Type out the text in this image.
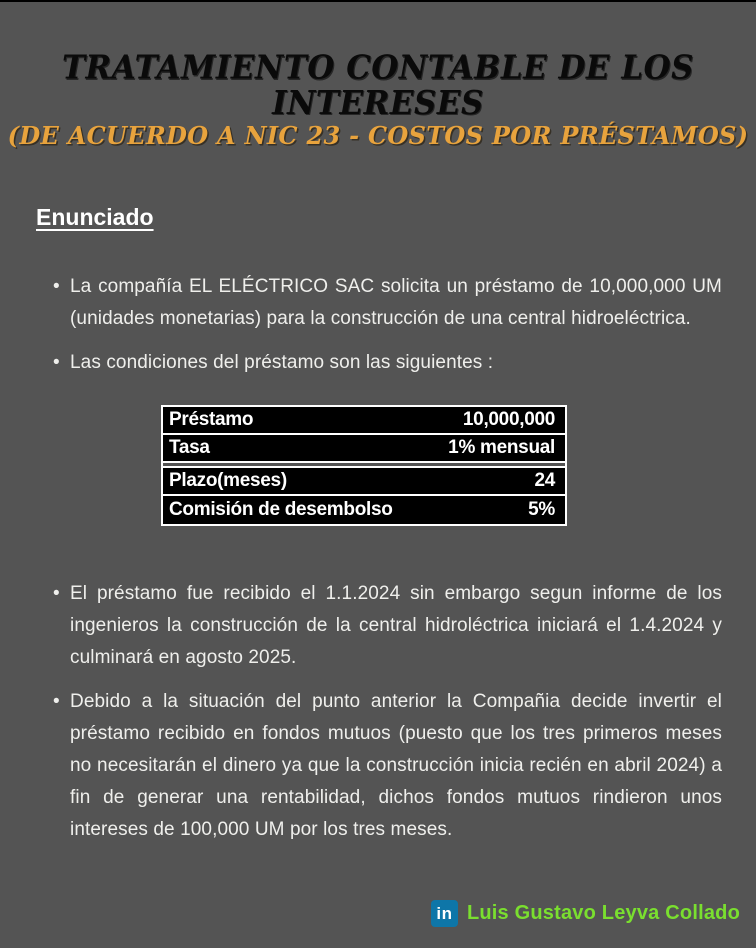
TRATAMIENTO CONTABLE DE LOS INTERESES
(DE ACUERDO A NIC 23 - COSTOS POR PRÉSTAMOS)
Enunciado
• La compañía EL ELÉCTRICO SAC solicita un préstamo de 10,000,000 UM (unidades monetarias) para la construcción de una central hidroeléctrica.
• Las condiciones del préstamo son las siguientes :
Préstamo	10,000,000
Tasa	1% mensual
Plazo(meses)	24
Comisión de desembolso	5%
• El préstamo fue recibido el 1.1.2024 sin embargo segun informe de los ingenieros la construcción de la central hidroléctrica iniciará el 1.4.2024 y culminará en agosto 2025.
• Debido a la situación del punto anterior la Compañia decide invertir el préstamo recibido en fondos mutuos (puesto que los tres primeros meses no necesitarán el dinero ya que la construcción inicia recién en abril 2024) a fin de generar una rentabilidad, dichos fondos mutuos rindieron unos intereses de 100,000 UM por los tres meses.
in Luis Gustavo Leyva Collado
